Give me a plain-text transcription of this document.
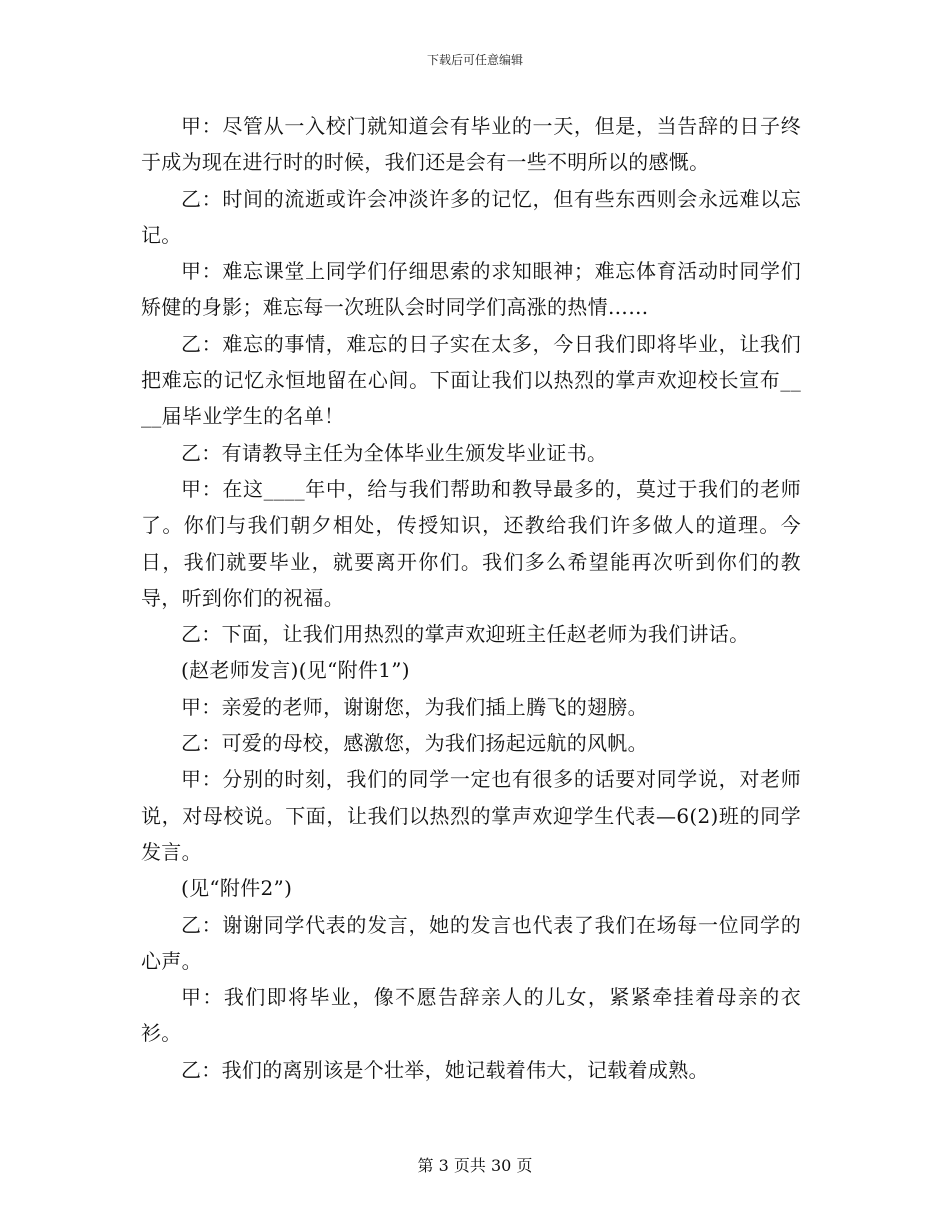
下载后可任意编辑

甲：尽管从一入校门就知道会有毕业的一天，但是，当告辞的日子终于成为现在进行时的时候，我们还是会有一些不明所以的感慨。

乙：时间的流逝或许会冲淡许多的记忆，但有些东西则会永远难以忘记。

甲：难忘课堂上同学们仔细思索的求知眼神；难忘体育活动时同学们矫健的身影；难忘每一次班队会时同学们高涨的热情……

乙：难忘的事情，难忘的日子实在太多，今日我们即将毕业，让我们把难忘的记忆永恒地留在心间。下面让我们以热烈的掌声欢迎校长宣布____届毕业学生的名单！

乙：有请教导主任为全体毕业生颁发毕业证书。

甲：在这____年中，给与我们帮助和教导最多的，莫过于我们的老师了。你们与我们朝夕相处，传授知识，还教给我们许多做人的道理。今日，我们就要毕业，就要离开你们。我们多么希望能再次听到你们的教导，听到你们的祝福。

乙：下面，让我们用热烈的掌声欢迎班主任赵老师为我们讲话。

(赵老师发言)(见“附件1”)

甲：亲爱的老师，谢谢您，为我们插上腾飞的翅膀。

乙：可爱的母校，感激您，为我们扬起远航的风帆。

甲：分别的时刻，我们的同学一定也有很多的话要对同学说，对老师说，对母校说。下面，让我们以热烈的掌声欢迎学生代表—6(2)班的同学发言。

(见“附件2”)

乙：谢谢同学代表的发言，她的发言也代表了我们在场每一位同学的心声。

甲：我们即将毕业，像不愿告辞亲人的儿女，紧紧牵挂着母亲的衣衫。

乙：我们的离别该是个壮举，她记载着伟大，记载着成熟。

第 3 页共 30 页
